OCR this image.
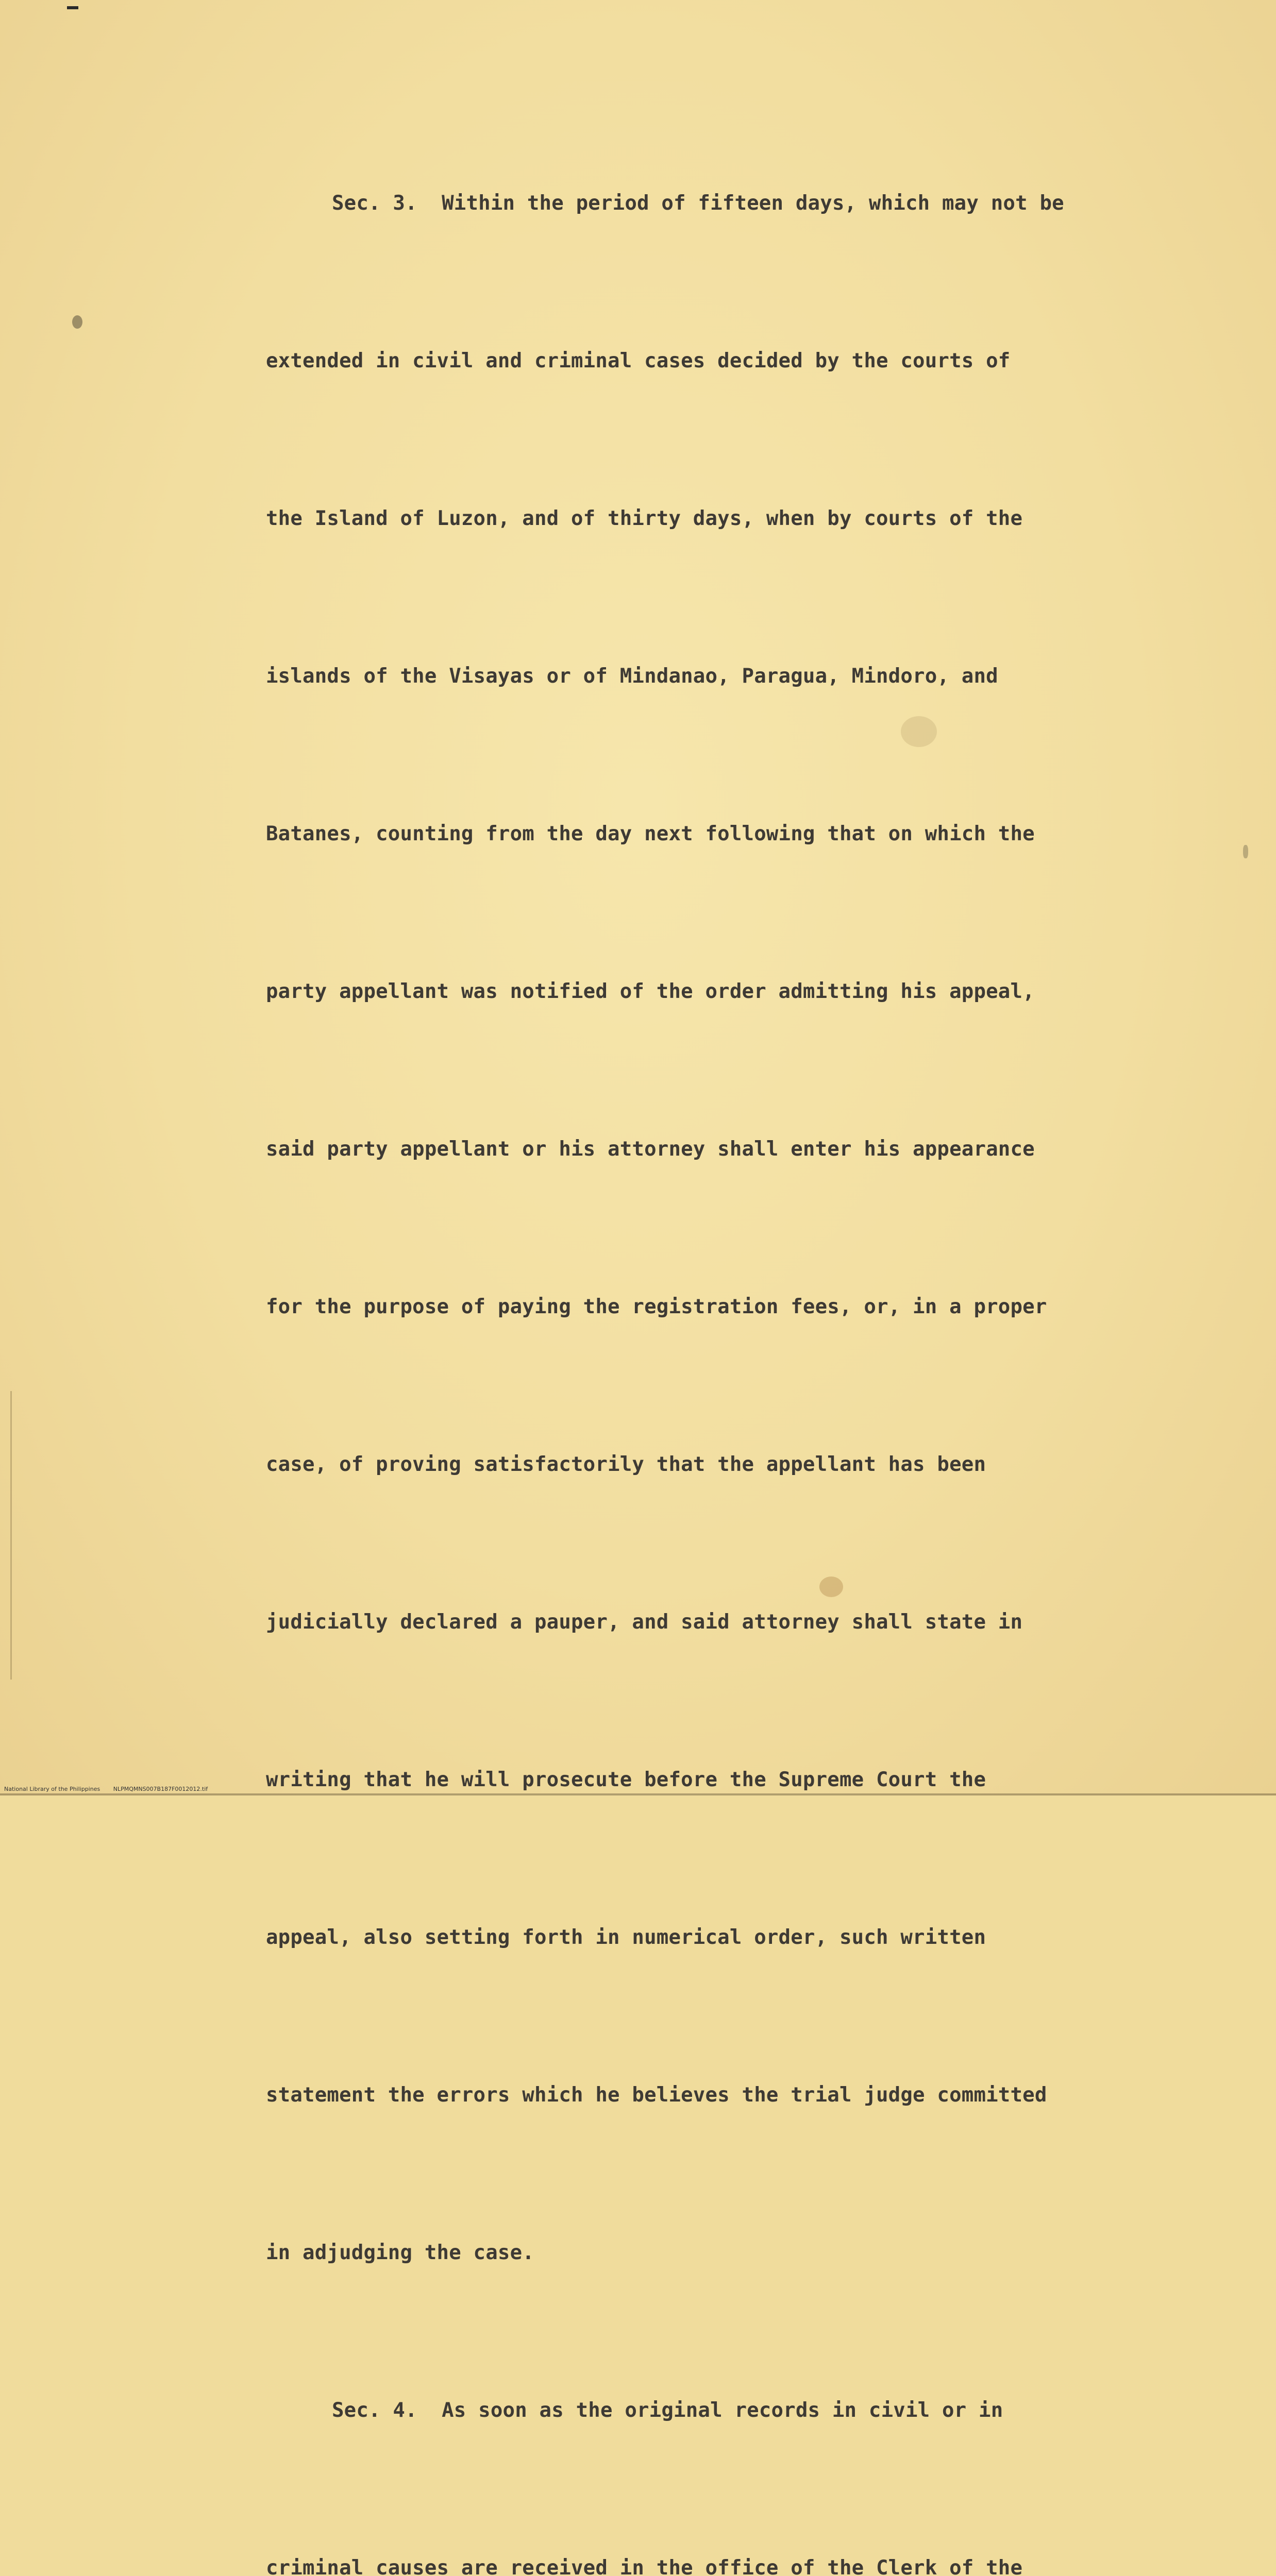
Sec. 3.  Within the period of fifteen days, which may not be

extended in civil and criminal cases decided by the courts of

the Island of Luzon, and of thirty days, when by courts of the

islands of the Visayas or of Mindanao, Paragua, Mindoro, and

Batanes, counting from the day next following that on which the

party appellant was notified of the order admitting his appeal,

said party appellant or his attorney shall enter his appearance

for the purpose of paying the registration fees, or, in a proper

case, of proving satisfactorily that the appellant has been

judicially declared a pauper, and said attorney shall state in

writing that he will prosecute before the Supreme Court the

appeal, also setting forth in numerical order, such written

statement the errors which he believes the trial judge committed

in adjudging the case.

Sec. 4.  As soon as the original records in civil or in

criminal causes are received in the office of the Clerk of the

National Library of the Philippines NLPMQMNS007B187F0012012.tif
